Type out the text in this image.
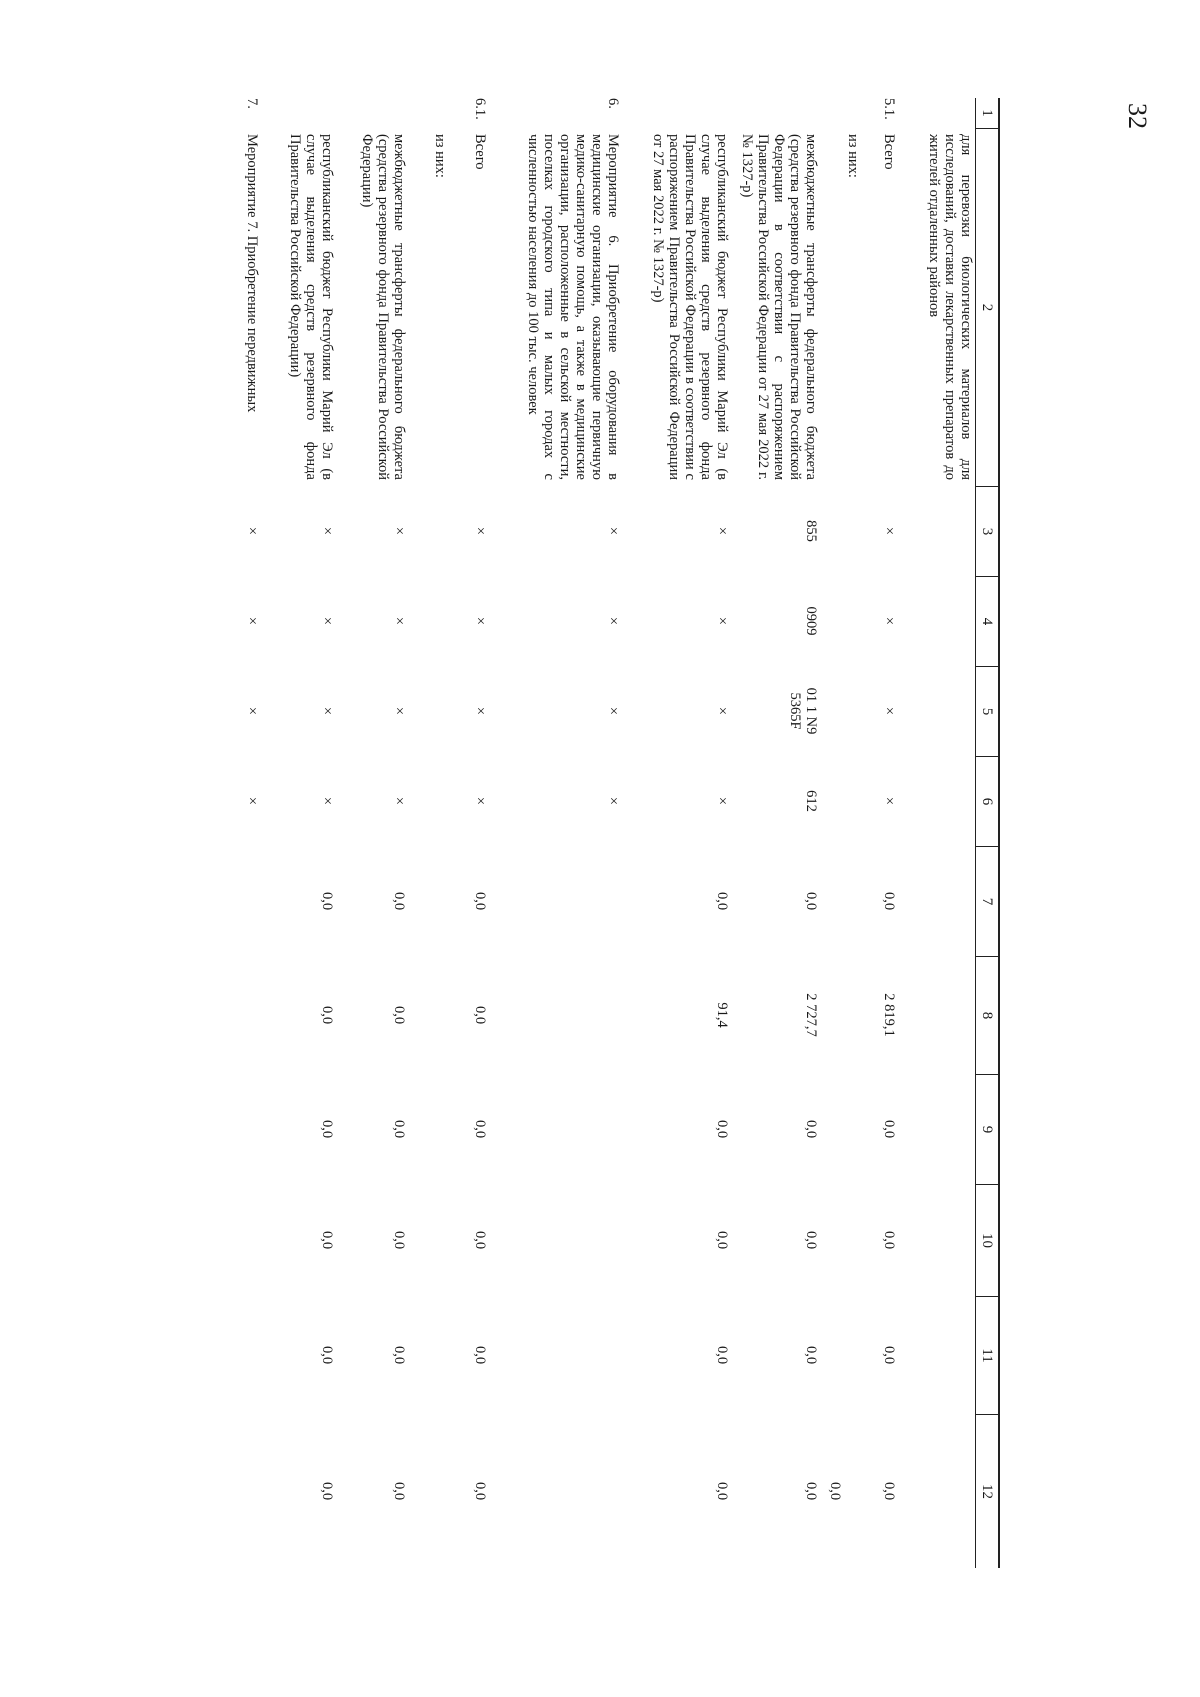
32
1
2
3
4
5
6
7
8
9
10
11
12
для перевозки биологических материалов для исследований, доставки лекарственных препаратов до жителей отдаленных районов
5.1.
Всего
×
×
×
×
0,0
2 819,1
0,0
0,0
0,0
0,0
из них:
0,0
межбюджетные трансферты федерального бюджета (средства резервного фонда Правительства Российской Федерации в соответствии с распоряжением Правительства Российской Федерации от 27 мая 2022 г. № 1327-р)
855
0909
01 1 N9 5365F
612
0,0
2 727,7
0,0
0,0
0,0
0,0
республиканский бюджет Республики Марий Эл (в случае выделения средств резервного фонда Правительства Российской Федерации в соответствии с распоряжением Правительства Российской Федерации от 27 мая 2022 г. № 1327-р)
×
×
×
×
0,0
91,4
0,0
0,0
0,0
0,0
6.
Мероприятие 6. Приобретение оборудования в медицинские организации, оказывающие первичную медико-санитарную помощь, а также в медицинские организации, расположенные в сельской местности, поселках городского типа и малых городах с численностью населения до 100 тыс. человек
×
×
×
×
6.1.
Всего
×
×
×
×
0,0
0,0
0,0
0,0
0,0
0,0
из них:
межбюджетные трансферты федерального бюджета (средства резервного фонда Правительства Российской Федерации)
×
×
×
×
0,0
0,0
0,0
0,0
0,0
0,0
республиканский бюджет Республики Марий Эл (в случае выделения средств резервного фонда Правительства Российской Федерации)
×
×
×
×
0,0
0,0
0,0
0,0
0,0
0,0
7.
Мероприятие 7. Приобретение передвижных
×
×
×
×
